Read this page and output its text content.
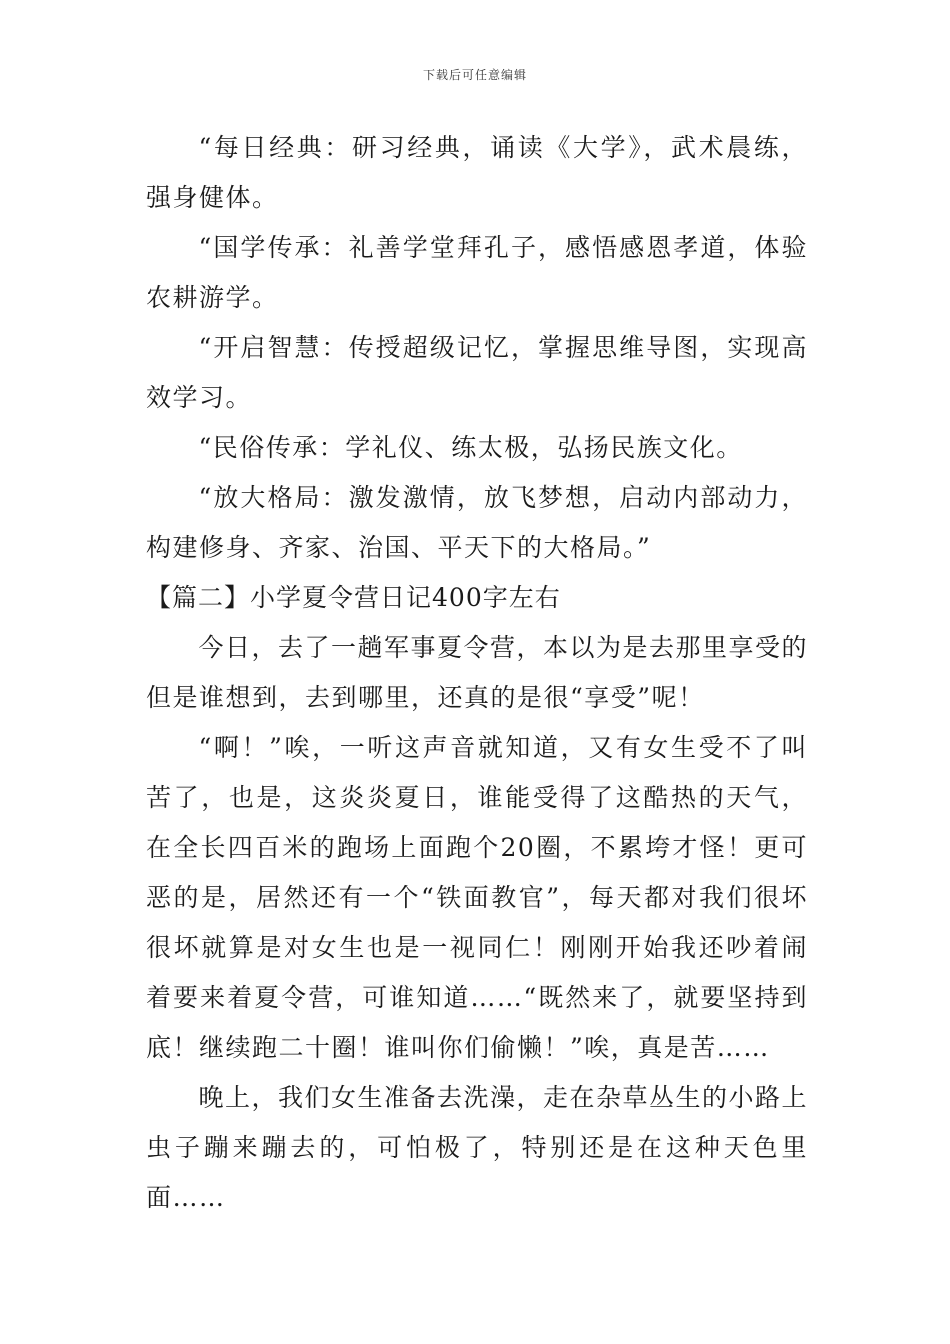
下载后可任意编辑

“每日经典：研习经典，诵读《大学》，武术晨练，强身健体。

“国学传承：礼善学堂拜孔子，感悟感恩孝道，体验农耕游学。

“开启智慧：传授超级记忆，掌握思维导图，实现高效学习。

“民俗传承：学礼仪、练太极，弘扬民族文化。

“放大格局：激发激情，放飞梦想，启动内部动力，构建修身、齐家、治国、平天下的大格局。”

【篇二】小学夏令营日记400字左右

今日，去了一趟军事夏令营，本以为是去那里享受的但是谁想到，去到哪里，还真的是很“享受”呢！

“啊！”唉，一听这声音就知道，又有女生受不了叫苦了，也是，这炎炎夏日，谁能受得了这酷热的天气，在全长四百米的跑场上面跑个20圈，不累垮才怪！更可恶的是，居然还有一个“铁面教官”，每天都对我们很坏很坏就算是对女生也是一视同仁！刚刚开始我还吵着闹着要来着夏令营，可谁知道……“既然来了，就要坚持到底！继续跑二十圈！谁叫你们偷懒！”唉，真是苦……

晚上，我们女生准备去洗澡，走在杂草丛生的小路上虫子蹦来蹦去的，可怕极了，特别还是在这种天色里面……
